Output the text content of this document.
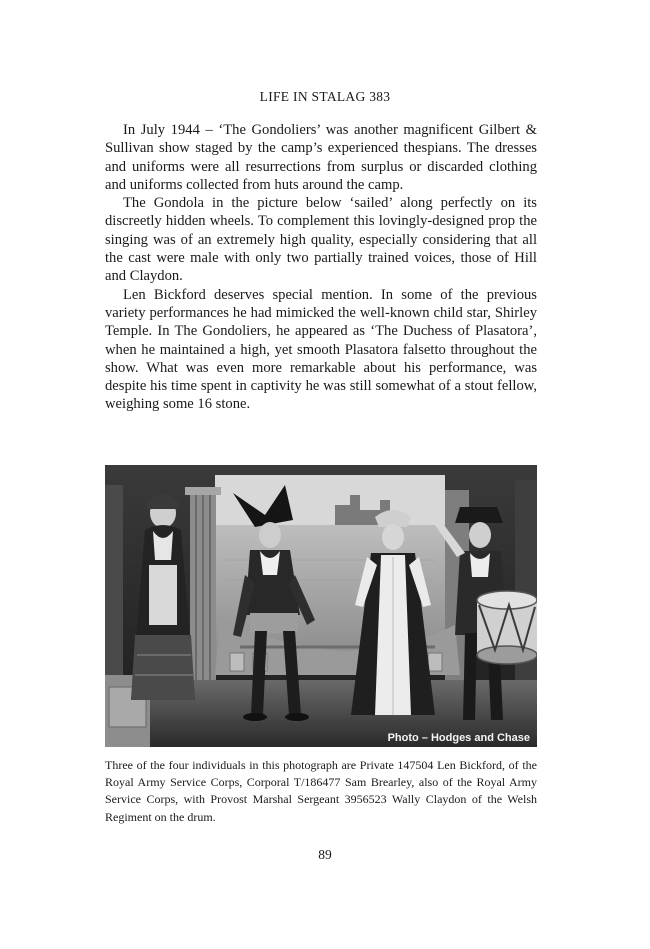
LIFE IN STALAG 383

In July 1944 – ‘The Gondoliers’ was another magnificent Gilbert & Sullivan show staged by the camp’s experienced thespians. The dresses and uniforms were all resurrections from surplus or discarded clothing and uniforms collected from huts around the camp.

The Gondola in the picture below ‘sailed’ along perfectly on its discreetly hidden wheels. To complement this lovingly-designed prop the singing was of an extremely high quality, especially considering that all the cast were male with only two partially trained voices, those of Hill and Claydon.

Len Bickford deserves special mention. In some of the previous variety performances he had mimicked the well-known child star, Shirley Temple. In The Gondoliers, he appeared as ‘The Duchess of Plasatora’, when he maintained a high, yet smooth Plasatora falsetto throughout the show. What was even more remarkable about his performance, was despite his time spent in captivity he was still somewhat of a stout fellow, weighing some 16 stone.

Photo – Hodges and Chase
Three of the four individuals in this photograph are Private 147504 Len Bickford, of the Royal Army Service Corps, Corporal T/186477 Sam Brearley, also of the Royal Army Service Corps, with Provost Marshal Sergeant 3956523 Wally Claydon of the Welsh Regiment on the drum.
89
